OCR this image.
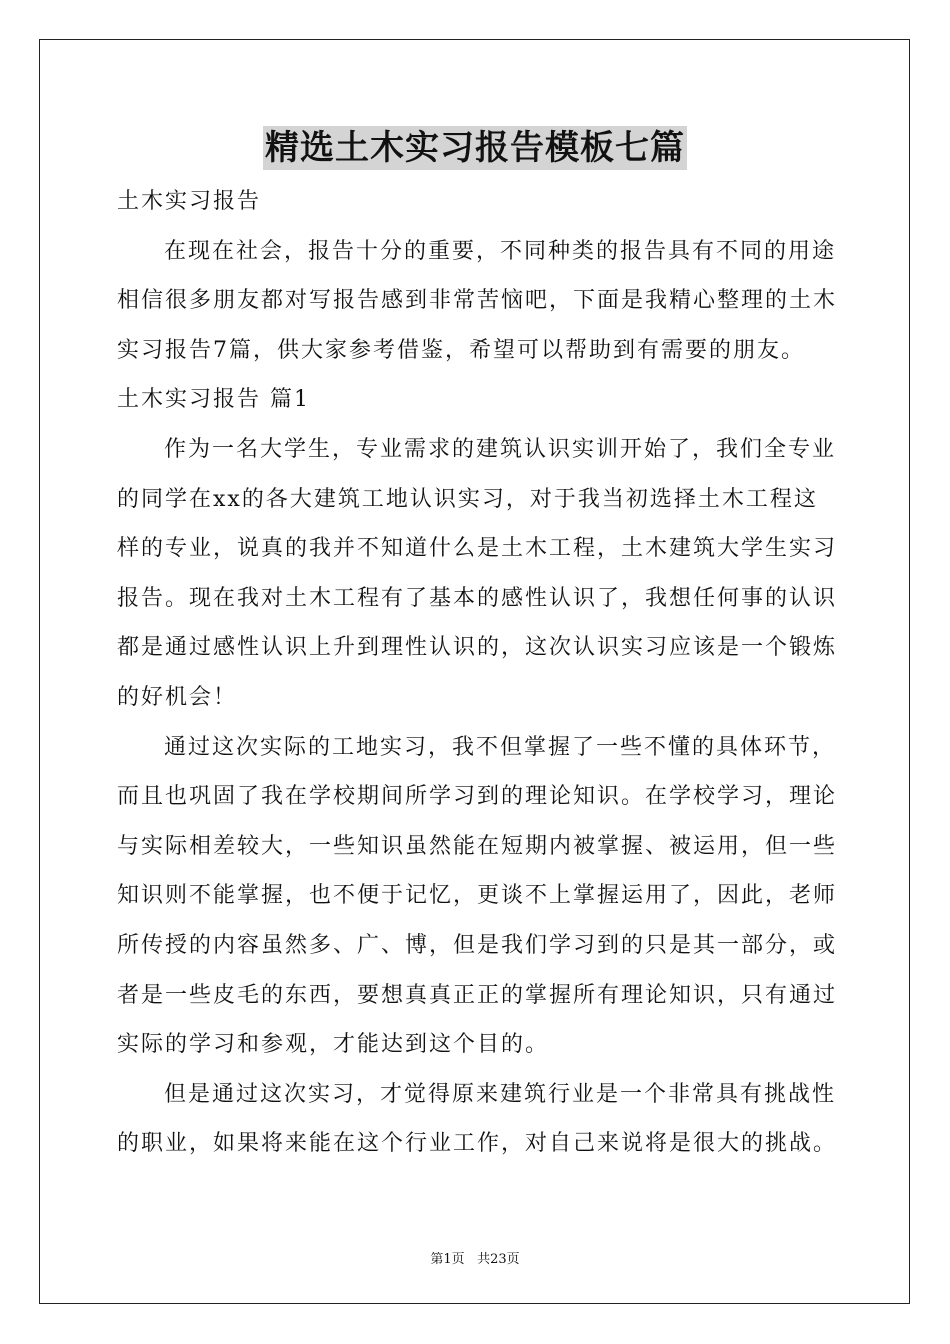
精选土木实习报告模板七篇
土木实习报告
在现在社会，报告十分的重要，不同种类的报告具有不同的用途
相信很多朋友都对写报告感到非常苦恼吧，下面是我精心整理的土木
实习报告7篇，供大家参考借鉴，希望可以帮助到有需要的朋友。
土木实习报告 篇1
作为一名大学生，专业需求的建筑认识实训开始了，我们全专业
的同学在xx的各大建筑工地认识实习，对于我当初选择土木工程这
样的专业，说真的我并不知道什么是土木工程，土木建筑大学生实习
报告。现在我对土木工程有了基本的感性认识了，我想任何事的认识
都是通过感性认识上升到理性认识的，这次认识实习应该是一个锻炼
的好机会！
通过这次实际的工地实习，我不但掌握了一些不懂的具体环节，
而且也巩固了我在学校期间所学习到的理论知识。在学校学习，理论
与实际相差较大，一些知识虽然能在短期内被掌握、被运用，但一些
知识则不能掌握，也不便于记忆，更谈不上掌握运用了，因此，老师
所传授的内容虽然多、广、博，但是我们学习到的只是其一部分，或
者是一些皮毛的东西，要想真真正正的掌握所有理论知识，只有通过
实际的学习和参观，才能达到这个目的。
但是通过这次实习，才觉得原来建筑行业是一个非常具有挑战性
的职业，如果将来能在这个行业工作，对自己来说将是很大的挑战。
第1页 共23页
